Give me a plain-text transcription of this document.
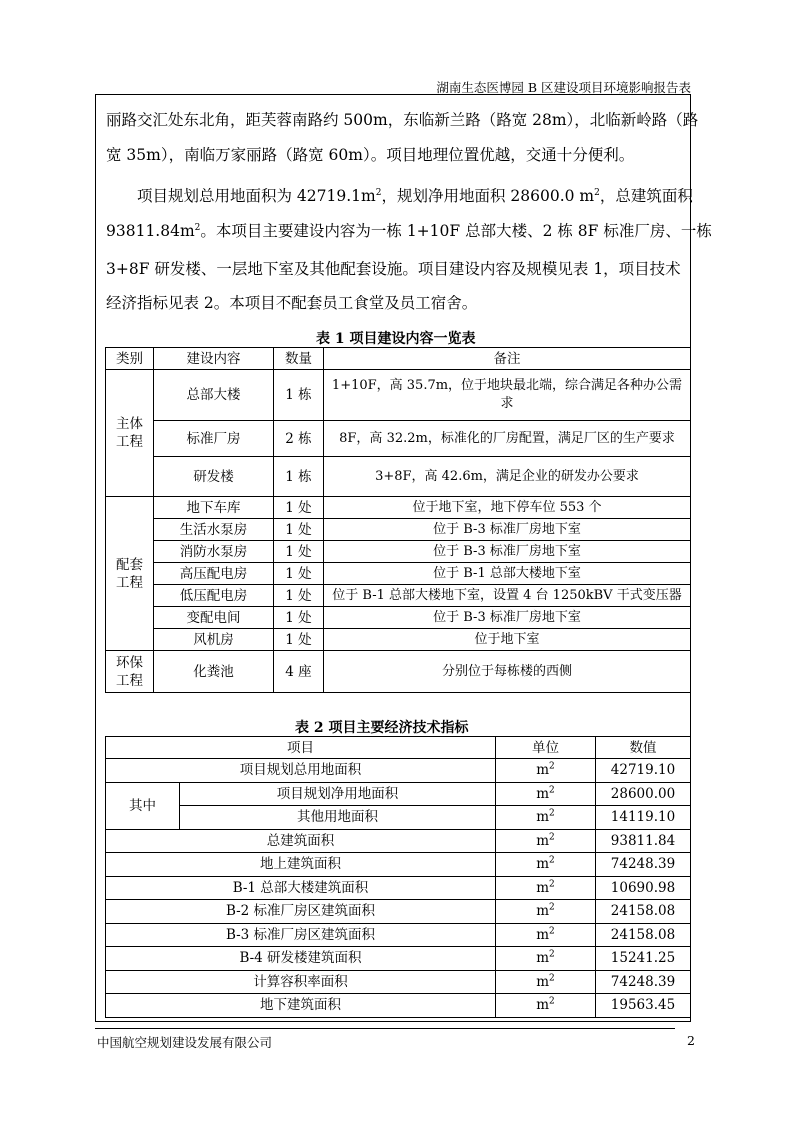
湖南生态医博园 B 区建设项目环境影响报告表
丽路交汇处东北角，距芙蓉南路约 500m，东临新兰路（路宽 28m），北临新岭路（路
宽 35m），南临万家丽路（路宽 60m）。项目地理位置优越，交通十分便利。
项目规划总用地面积为 $42719.1m^2$，规划净用地面积 28600.0 $m^2$，总建筑面积
$93811.84m^2$。本项目主要建设内容为一栋 1+10F 总部大楼、2 栋 8F 标准厂房、一栋
3+8F 研发楼、一层地下室及其他配套设施。项目建设内容及规模见表 1，项目技术
经济指标见表 2。本项目不配套员工食堂及员工宿舍。
表 1 项目建设内容一览表
类别	建设内容	数量	备注
主体工程	总部大楼	1 栋	1+10F，高 35.7m，位于地块最北端，综合满足各种办公需求
	标准厂房	2 栋	8F，高 32.2m，标准化的厂房配置，满足厂区的生产要求
	研发楼	1 栋	3+8F，高 42.6m，满足企业的研发办公要求
配套工程	地下车库	1 处	位于地下室，地下停车位 553 个
	生活水泵房	1 处	位于 B-3 标准厂房地下室
	消防水泵房	1 处	位于 B-3 标准厂房地下室
	高压配电房	1 处	位于 B-1 总部大楼地下室
	低压配电房	1 处	位于 B-1 总部大楼地下室，设置 4 台 1250kBV 干式变压器
	变配电间	1 处	位于 B-3 标准厂房地下室
	风机房	1 处	位于地下室
环保工程	化粪池	4 座	分别位于每栋楼的西侧
表 2 项目主要经济技术指标
项目		单位	数值
项目规划总用地面积		$m^2$	42719.10
其中	项目规划净用地面积	$m^2$	28600.00
	其他用地面积	$m^2$	14119.10
总建筑面积		$m^2$	93811.84
地上建筑面积		$m^2$	74248.39
B-1 总部大楼建筑面积		$m^2$	10690.98
B-2 标准厂房区建筑面积		$m^2$	24158.08
B-3 标准厂房区建筑面积		$m^2$	24158.08
B-4 研发楼建筑面积		$m^2$	15241.25
计算容积率面积		$m^2$	74248.39
地下建筑面积		$m^2$	19563.45
中国航空规划建设发展有限公司	2
